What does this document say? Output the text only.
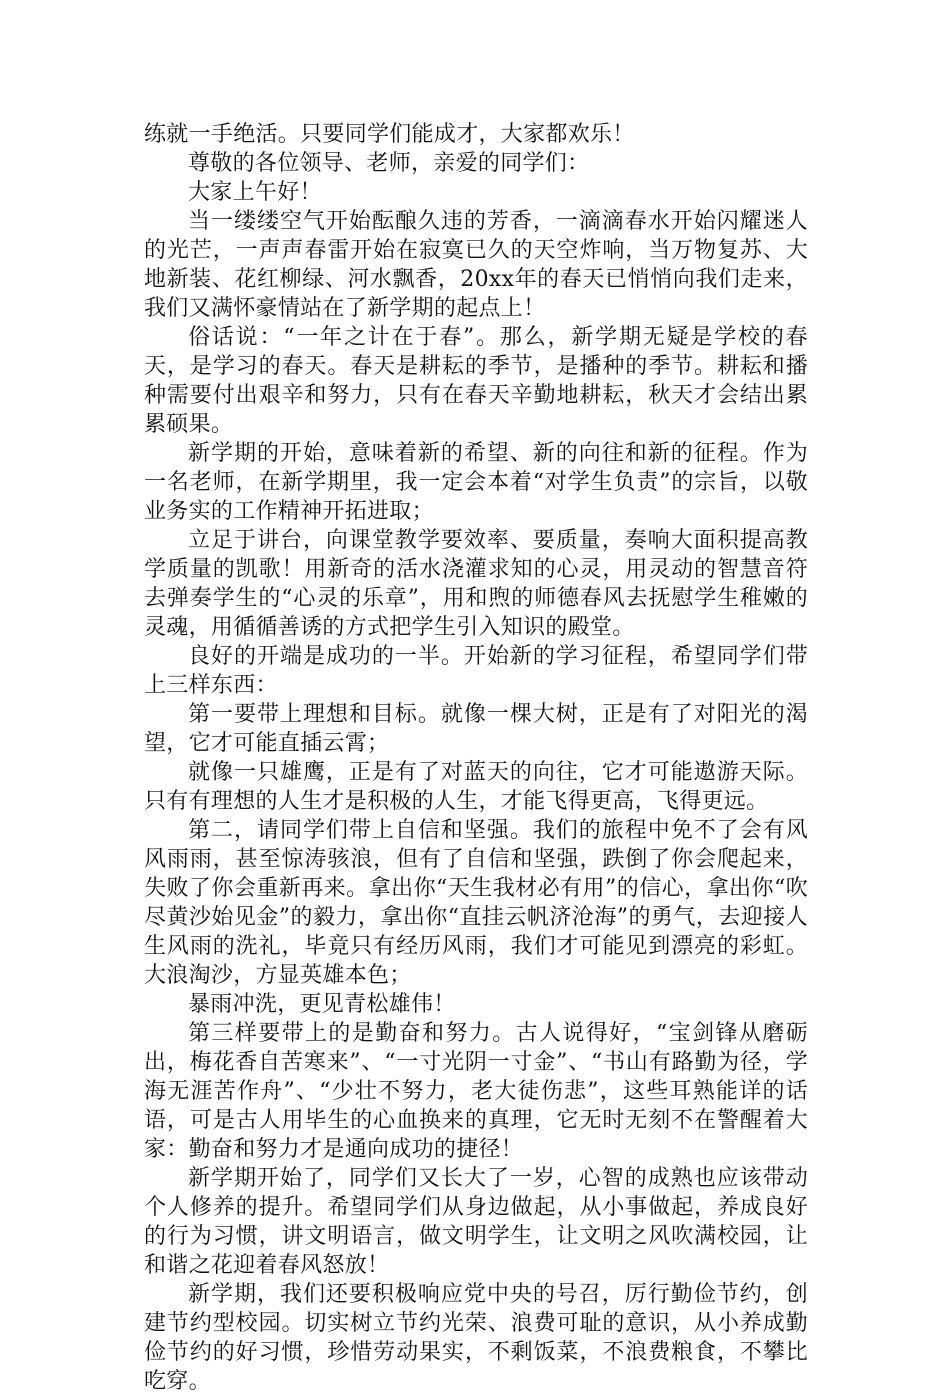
练就一手绝活。只要同学们能成才，大家都欢乐！

尊敬的各位领导、老师，亲爱的同学们：

大家上午好！

当一缕缕空气开始酝酿久违的芳香，一滴滴春水开始闪耀迷人的光芒，一声声春雷开始在寂寞已久的天空炸响，当万物复苏、大地新装、花红柳绿、河水飘香，20xx年的春天已悄悄向我们走来，我们又满怀豪情站在了新学期的起点上！

俗话说：“一年之计在于春”。那么，新学期无疑是学校的春天，是学习的春天。春天是耕耘的季节，是播种的季节。耕耘和播种需要付出艰辛和努力，只有在春天辛勤地耕耘，秋天才会结出累累硕果。

新学期的开始，意味着新的希望、新的向往和新的征程。作为一名老师，在新学期里，我一定会本着“对学生负责”的宗旨，以敬业务实的工作精神开拓进取；

立足于讲台，向课堂教学要效率、要质量，奏响大面积提高教学质量的凯歌！用新奇的活水浇灌求知的心灵，用灵动的智慧音符去弹奏学生的“心灵的乐章”，用和煦的师德春风去抚慰学生稚嫩的灵魂，用循循善诱的方式把学生引入知识的殿堂。

良好的开端是成功的一半。开始新的学习征程，希望同学们带上三样东西：

第一要带上理想和目标。就像一棵大树，正是有了对阳光的渴望，它才可能直插云霄；

就像一只雄鹰，正是有了对蓝天的向往，它才可能遨游天际。只有有理想的人生才是积极的人生，才能飞得更高，飞得更远。

第二，请同学们带上自信和坚强。我们的旅程中免不了会有风风雨雨，甚至惊涛骇浪，但有了自信和坚强，跌倒了你会爬起来，失败了你会重新再来。拿出你“天生我材必有用”的信心，拿出你“吹尽黄沙始见金”的毅力，拿出你“直挂云帆济沧海”的勇气，去迎接人生风雨的洗礼，毕竟只有经历风雨，我们才可能见到漂亮的彩虹。大浪淘沙，方显英雄本色；

暴雨冲洗，更见青松雄伟！

第三样要带上的是勤奋和努力。古人说得好，“宝剑锋从磨砺出，梅花香自苦寒来”、“一寸光阴一寸金”、“书山有路勤为径，学海无涯苦作舟”、“少壮不努力，老大徒伤悲”，这些耳熟能详的话语，可是古人用毕生的心血换来的真理，它无时无刻不在警醒着大家：勤奋和努力才是通向成功的捷径！

新学期开始了，同学们又长大了一岁，心智的成熟也应该带动个人修养的提升。希望同学们从身边做起，从小事做起，养成良好的行为习惯，讲文明语言，做文明学生，让文明之风吹满校园，让和谐之花迎着春风怒放！

新学期，我们还要积极响应党中央的号召，厉行勤俭节约，创建节约型校园。切实树立节约光荣、浪费可耻的意识，从小养成勤俭节约的好习惯，珍惜劳动果实，不剩饭菜，不浪费粮食，不攀比吃穿。
